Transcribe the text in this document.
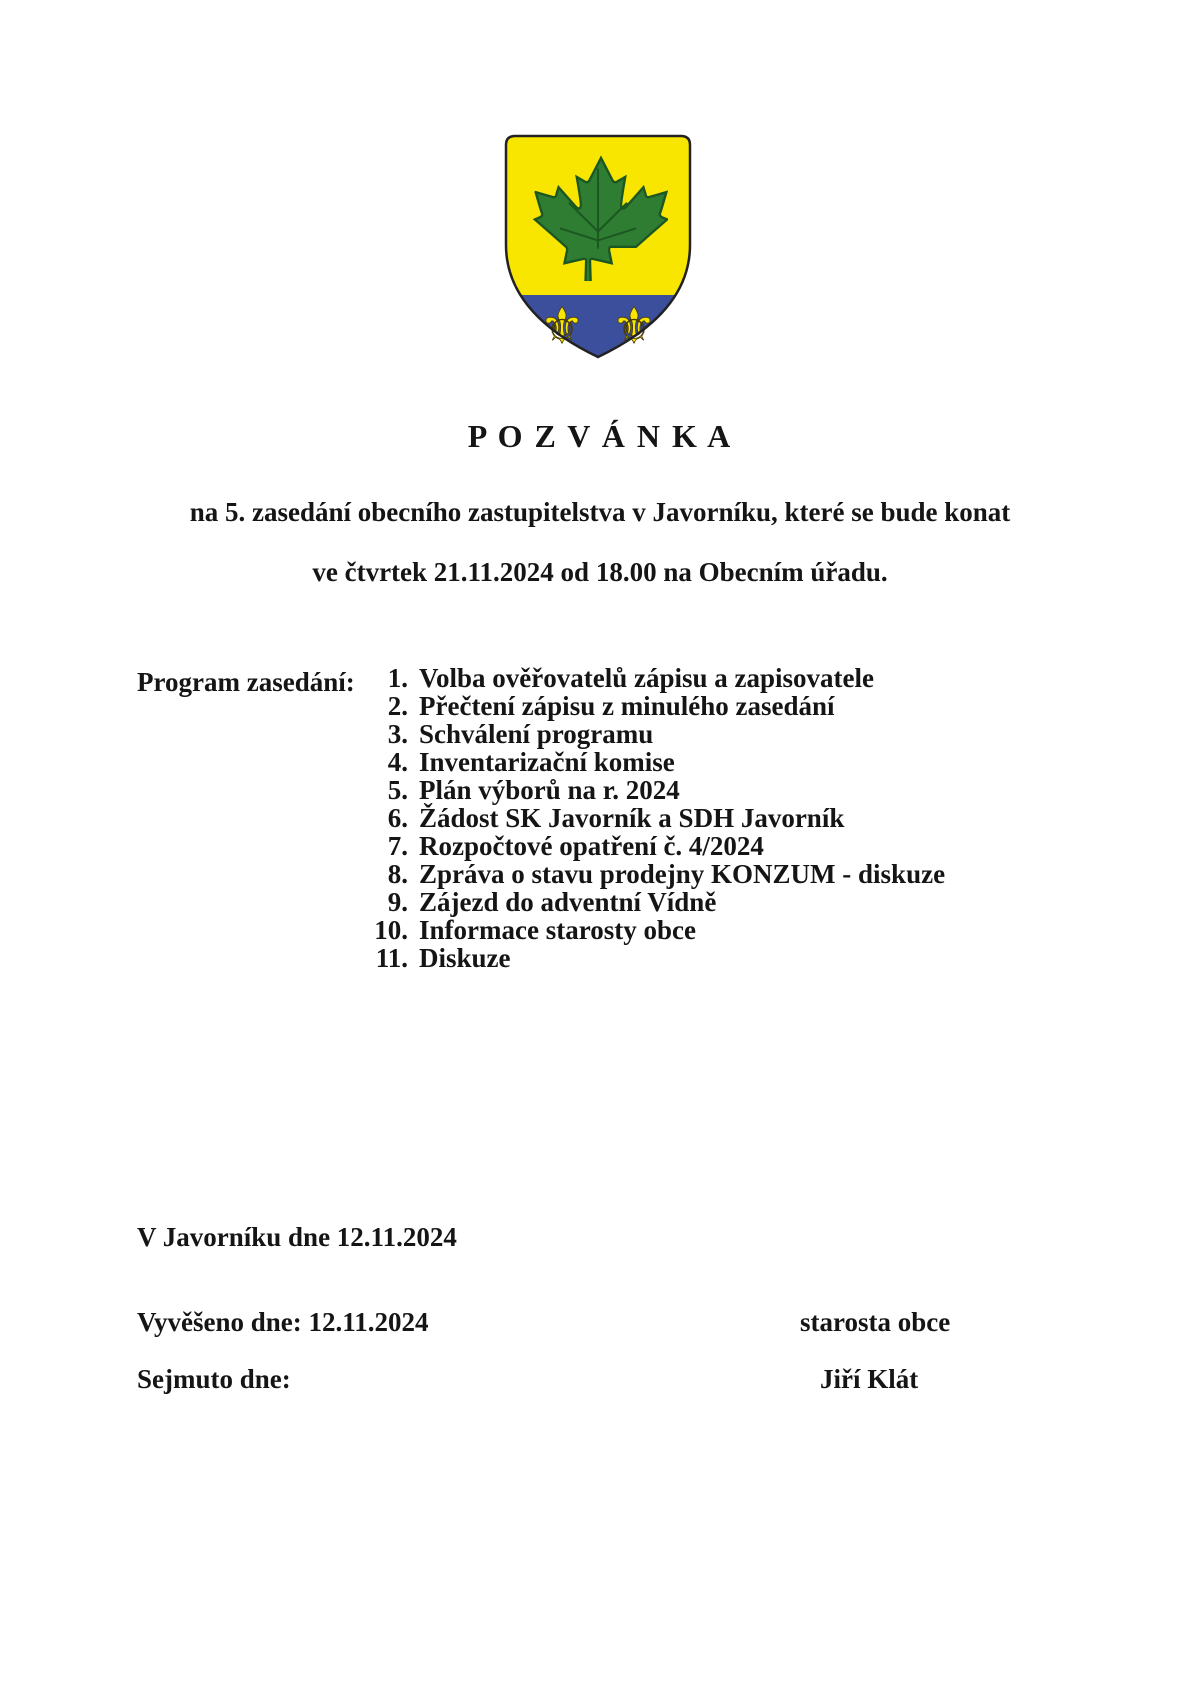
⚜ ⚜
P O Z V Á N K A
na 5. zasedání obecního zastupitelstva v Javorníku, které se bude konat
ve čtvrtek 21.11.2024 od 18.00 na Obecním úřadu.
Program zasedání:	1. Volba ověřovatelů zápisu a zapisovatele
2. Přečtení zápisu z minulého zasedání
3. Schválení programu
4. Inventarizační komise
5. Plán výborů na r. 2024
6. Žádost SK Javorník a SDH Javorník
7. Rozpočtové opatření č. 4/2024
8. Zpráva o stavu prodejny KONZUM - diskuze
9. Zájezd do adventní Vídně
10. Informace starosty obce
11. Diskuze
V Javorníku dne 12.11.2024
Vyvěšeno dne: 12.11.2024	starosta obce
Sejmuto dne:	Jiří Klát
